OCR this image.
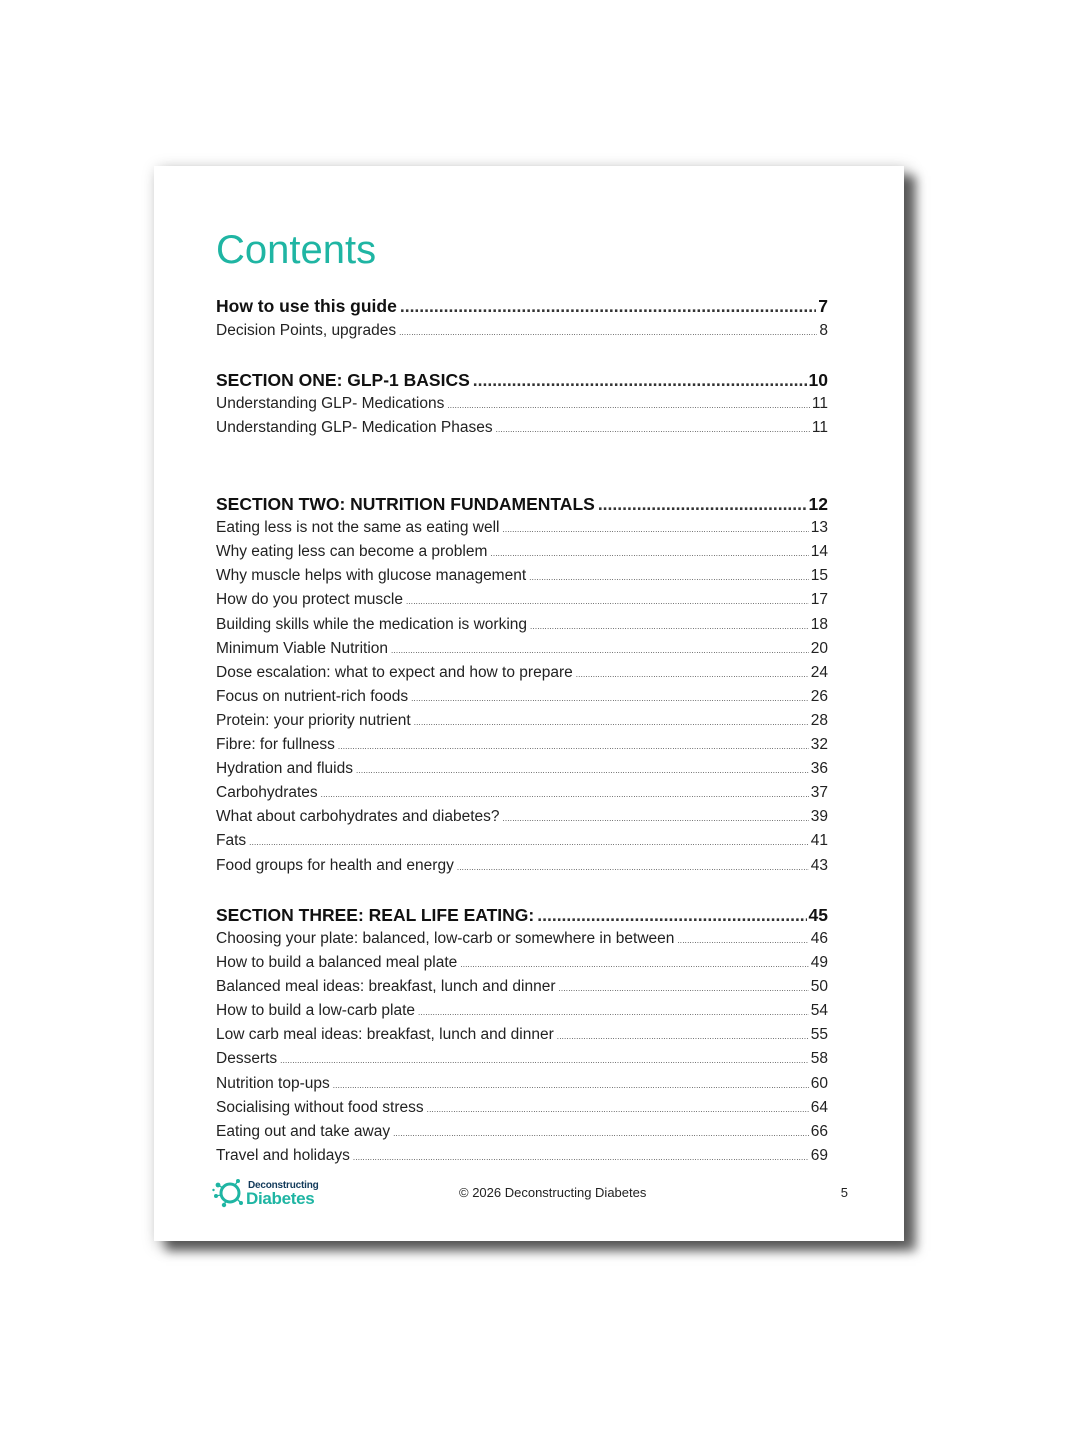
Contents
How to use this guide .....	7
Decision Points, upgrades .....	8
SECTION ONE: GLP-1 BASICS .....	10
Understanding GLP- Medications .....	11
Understanding GLP- Medication Phases .....	11
SECTION TWO: NUTRITION FUNDAMENTALS .....	12
Eating less is not the same as eating well .....	13
Why eating less can become a problem .....	14
Why muscle helps with glucose management .....	15
How do you protect muscle .....	17
Building skills while the medication is working .....	18
Minimum Viable Nutrition .....	20
Dose escalation: what to expect and how to prepare .....	24
Focus on nutrient-rich foods .....	26
Protein: your priority nutrient .....	28
Fibre: for fullness .....	32
Hydration and fluids .....	36
Carbohydrates .....	37
What about carbohydrates and diabetes? .....	39
Fats .....	41
Food groups for health and energy .....	43
SECTION THREE: REAL LIFE EATING: .....	45
Choosing your plate: balanced, low-carb or somewhere in between .....	46
How to build a balanced meal plate .....	49
Balanced meal ideas: breakfast, lunch and dinner .....	50
How to build a low-carb plate .....	54
Low carb meal ideas: breakfast, lunch and dinner .....	55
Desserts .....	58
Nutrition top-ups .....	60
Socialising without food stress .....	64
Eating out and take away .....	66
Travel and holidays .....	69
Deconstructing
Diabetes	© 2026 Deconstructing Diabetes	5
